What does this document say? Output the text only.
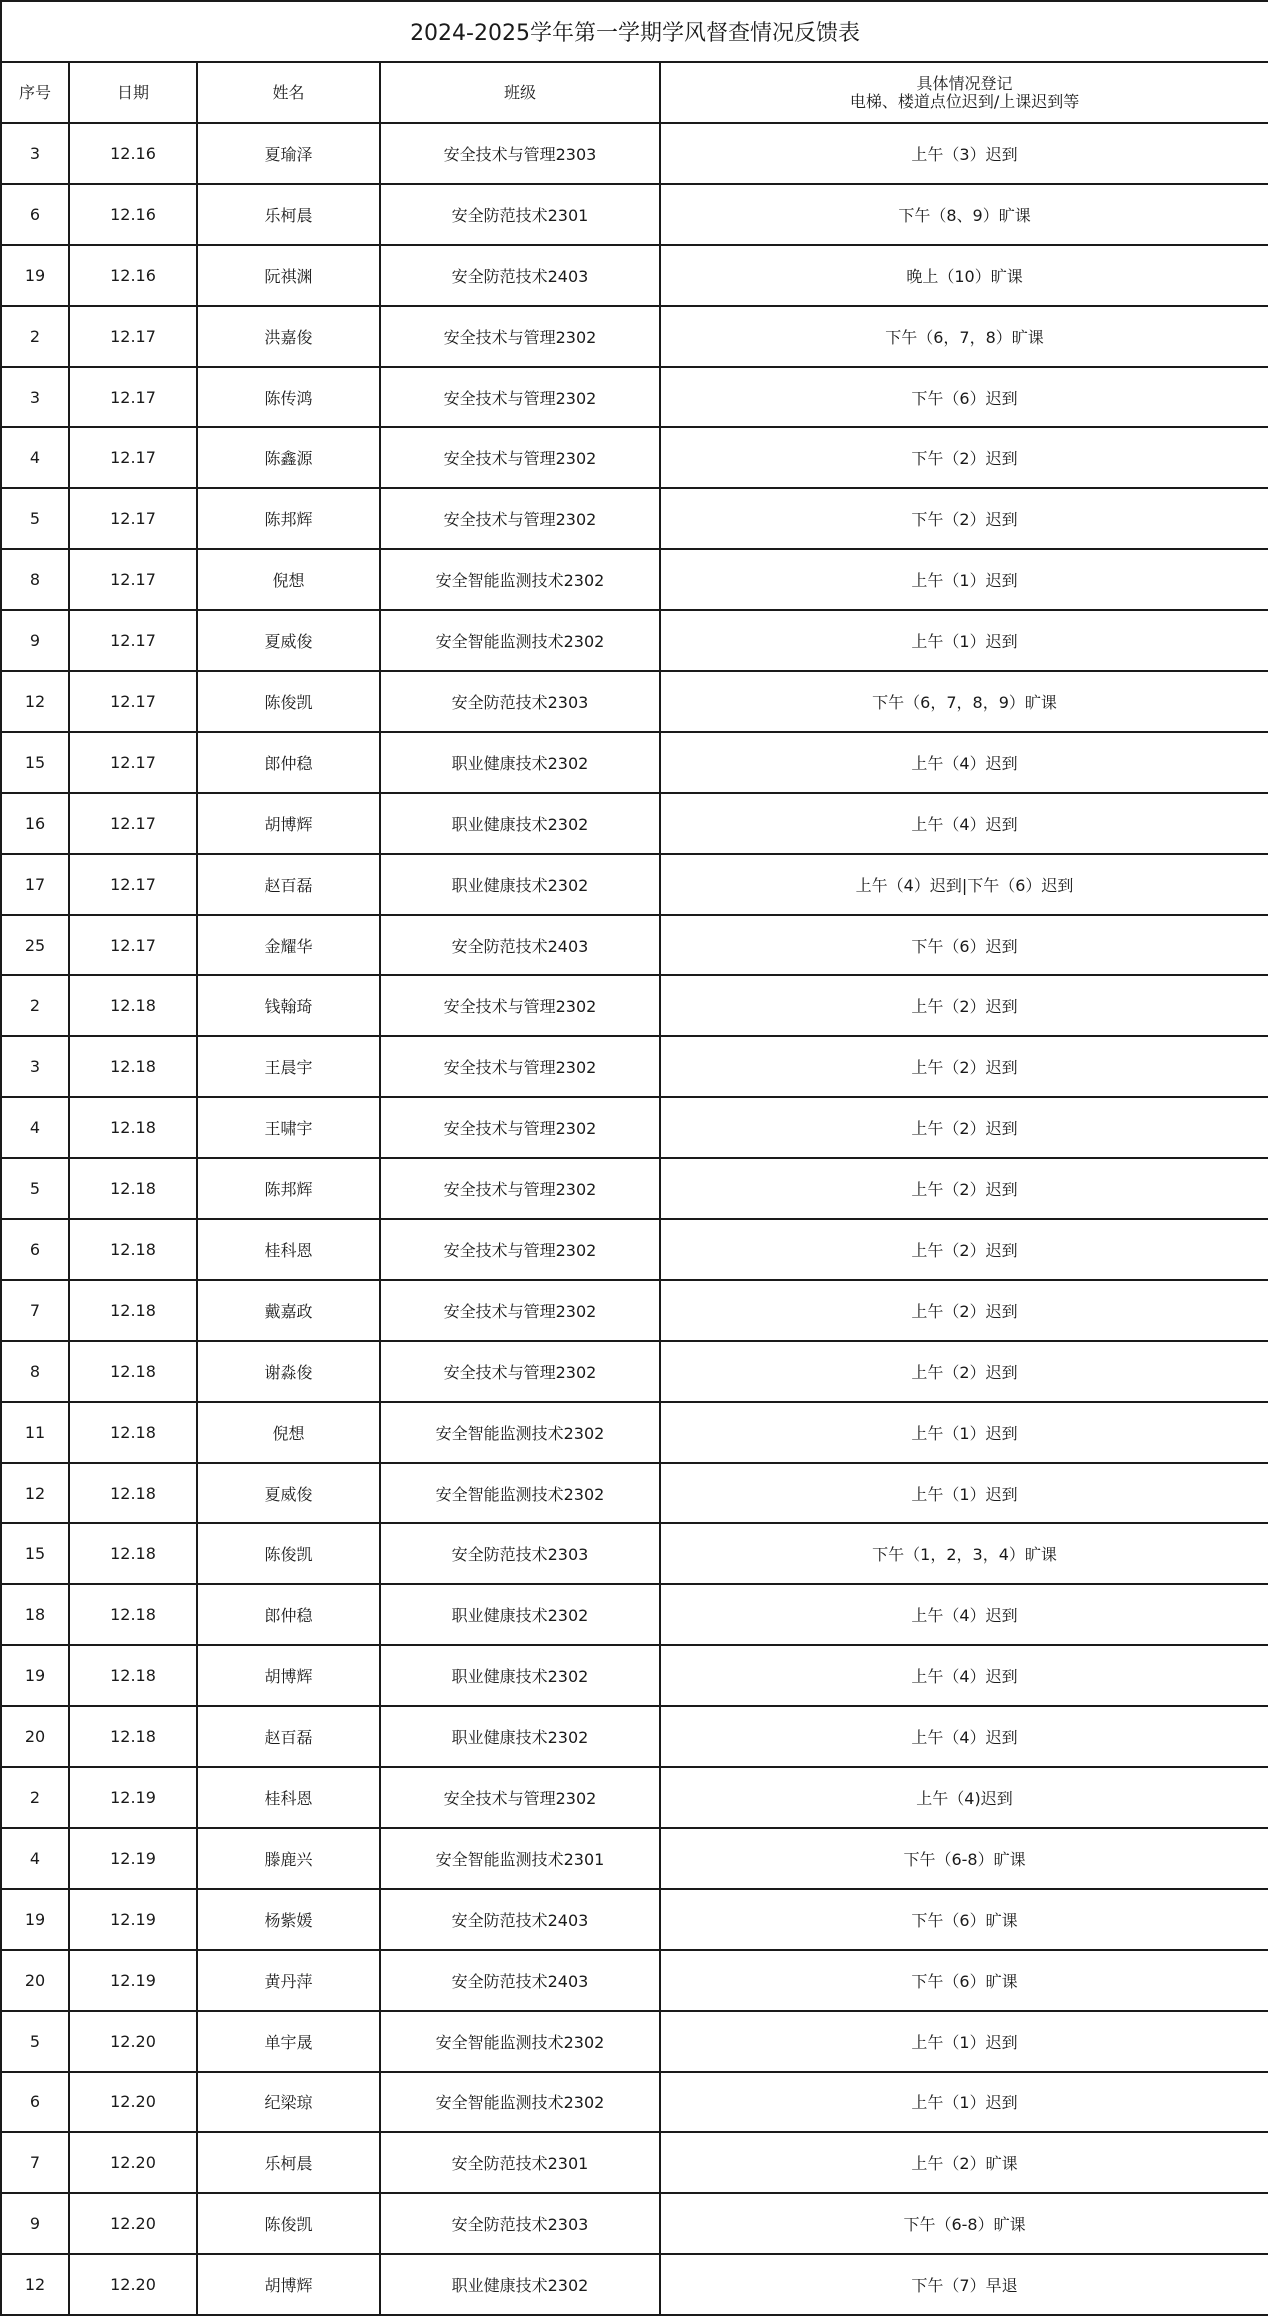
2024-2025学年第一学期学风督查情况反馈表				
序号	日期	姓名	班级	具体情况登记
电梯、楼道点位迟到/上课迟到等

3	12.16	夏瑜泽	安全技术与管理2303	上午（3）迟到
6	12.16	乐柯晨	安全防范技术2301	下午（8、9）旷课
19	12.16	阮祺渊	安全防范技术2403	晚上（10）旷课
2	12.17	洪嘉俊	安全技术与管理2302	下午（6，7，8）旷课
3	12.17	陈传鸿	安全技术与管理2302	下午（6）迟到
4	12.17	陈鑫源	安全技术与管理2302	下午（2）迟到
5	12.17	陈邦辉	安全技术与管理2302	下午（2）迟到
8	12.17	倪想	安全智能监测技术2302	上午（1）迟到
9	12.17	夏威俊	安全智能监测技术2302	上午（1）迟到
12	12.17	陈俊凯	安全防范技术2303	下午（6，7，8，9）旷课
15	12.17	郎仲稳	职业健康技术2302	上午（4）迟到
16	12.17	胡博辉	职业健康技术2302	上午（4）迟到
17	12.17	赵百磊	职业健康技术2302	上午（4）迟到|下午（6）迟到
25	12.17	金耀华	安全防范技术2403	下午（6）迟到
2	12.18	钱翰琦	安全技术与管理2302	上午（2）迟到
3	12.18	王晨宇	安全技术与管理2302	上午（2）迟到
4	12.18	王啸宇	安全技术与管理2302	上午（2）迟到
5	12.18	陈邦辉	安全技术与管理2302	上午（2）迟到
6	12.18	桂科恩	安全技术与管理2302	上午（2）迟到
7	12.18	戴嘉政	安全技术与管理2302	上午（2）迟到
8	12.18	谢淼俊	安全技术与管理2302	上午（2）迟到
11	12.18	倪想	安全智能监测技术2302	上午（1）迟到
12	12.18	夏威俊	安全智能监测技术2302	上午（1）迟到
15	12.18	陈俊凯	安全防范技术2303	下午（1，2，3，4）旷课
18	12.18	郎仲稳	职业健康技术2302	上午（4）迟到
19	12.18	胡博辉	职业健康技术2302	上午（4）迟到
20	12.18	赵百磊	职业健康技术2302	上午（4）迟到
2	12.19	桂科恩	安全技术与管理2302	上午（4)迟到
4	12.19	滕鹿兴	安全智能监测技术2301	下午（6-8）旷课
19	12.19	杨紫媛	安全防范技术2403	下午（6）旷课
20	12.19	黄丹萍	安全防范技术2403	下午（6）旷课
5	12.20	单宇晟	安全智能监测技术2302	上午（1）迟到
6	12.20	纪梁琼	安全智能监测技术2302	上午（1）迟到
7	12.20	乐柯晨	安全防范技术2301	上午（2）旷课
9	12.20	陈俊凯	安全防范技术2303	下午（6-8）旷课
12	12.20	胡博辉	职业健康技术2302	下午（7）早退
